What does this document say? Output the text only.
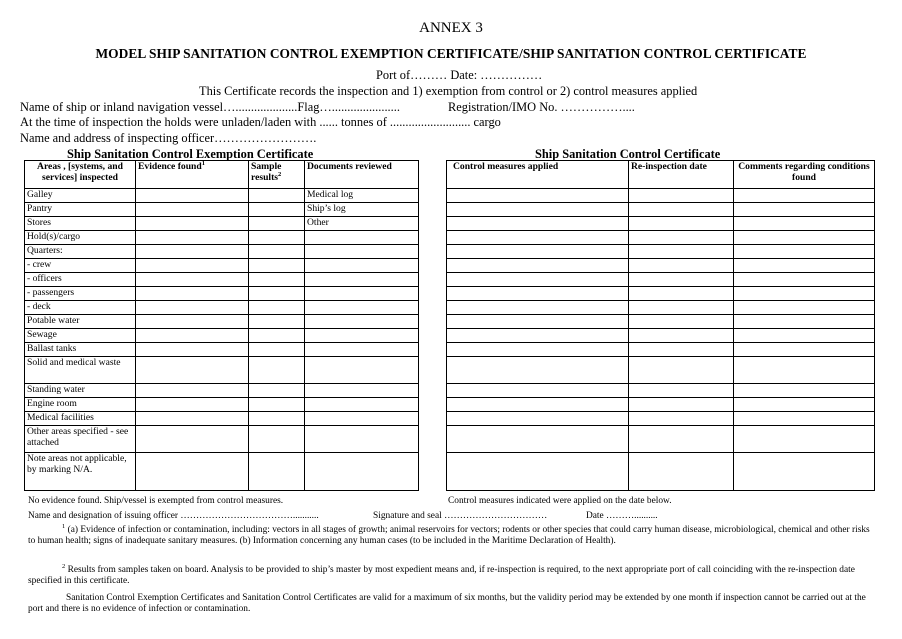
ANNEX 3
MODEL SHIP SANITATION CONTROL EXEMPTION CERTIFICATE/SHIP SANITATION CONTROL CERTIFICATE
Port of……… Date: ……………
This Certificate records the inspection and 1) exemption from control or 2) control measures applied
Name of ship or inland navigation vessel…....................Flag…......................	Registration/IMO No. ……………....
At the time of inspection the holds were unladen/laden with ...... tonnes of .......................... cargo
Name and address of inspecting officer…………………….
Ship Sanitation Control Exemption Certificate	Ship Sanitation Control Certificate
Areas , [systems, and services] inspected	Evidence found$^1$	Sample results$^2$	Documents reviewed
Galley			Medical log
Pantry			Ship’s log
Stores			Other
Hold(s)/cargo			
Quarters:			
- crew			
- officers			
- passengers			
- deck			
Potable water			
Sewage			
Ballast tanks			
Solid and medical waste			
Standing water			
Engine room			
Medical facilities			
Other areas specified - see attached			
Note areas not applicable, by marking N/A.			
Control measures applied	Re-inspection date	Comments regarding conditions found

No evidence found. Ship/vessel is exempted from control measures.	Control measures indicated were applied on the date below.
Name and designation of issuing officer ………………………………...........	Signature and seal ……………………………	Date ………..........
$^1$ (a) Evidence of infection or contamination, including: vectors in all stages of growth; animal reservoirs for vectors; rodents or other species that could carry human disease, microbiological, chemical and other risks to human health; signs of inadequate sanitary measures. (b) Information concerning any human cases (to be included in the Maritime Declaration of Health).
$^2$ Results from samples taken on board. Analysis to be provided to ship’s master by most expedient means and, if re-inspection is required, to the next appropriate port of call coinciding with the re-inspection date specified in this certificate.
Sanitation Control Exemption Certificates and Sanitation Control Certificates are valid for a maximum of six months, but the validity period may be extended by one month if inspection cannot be carried out at the port and there is no evidence of infection or contamination.
